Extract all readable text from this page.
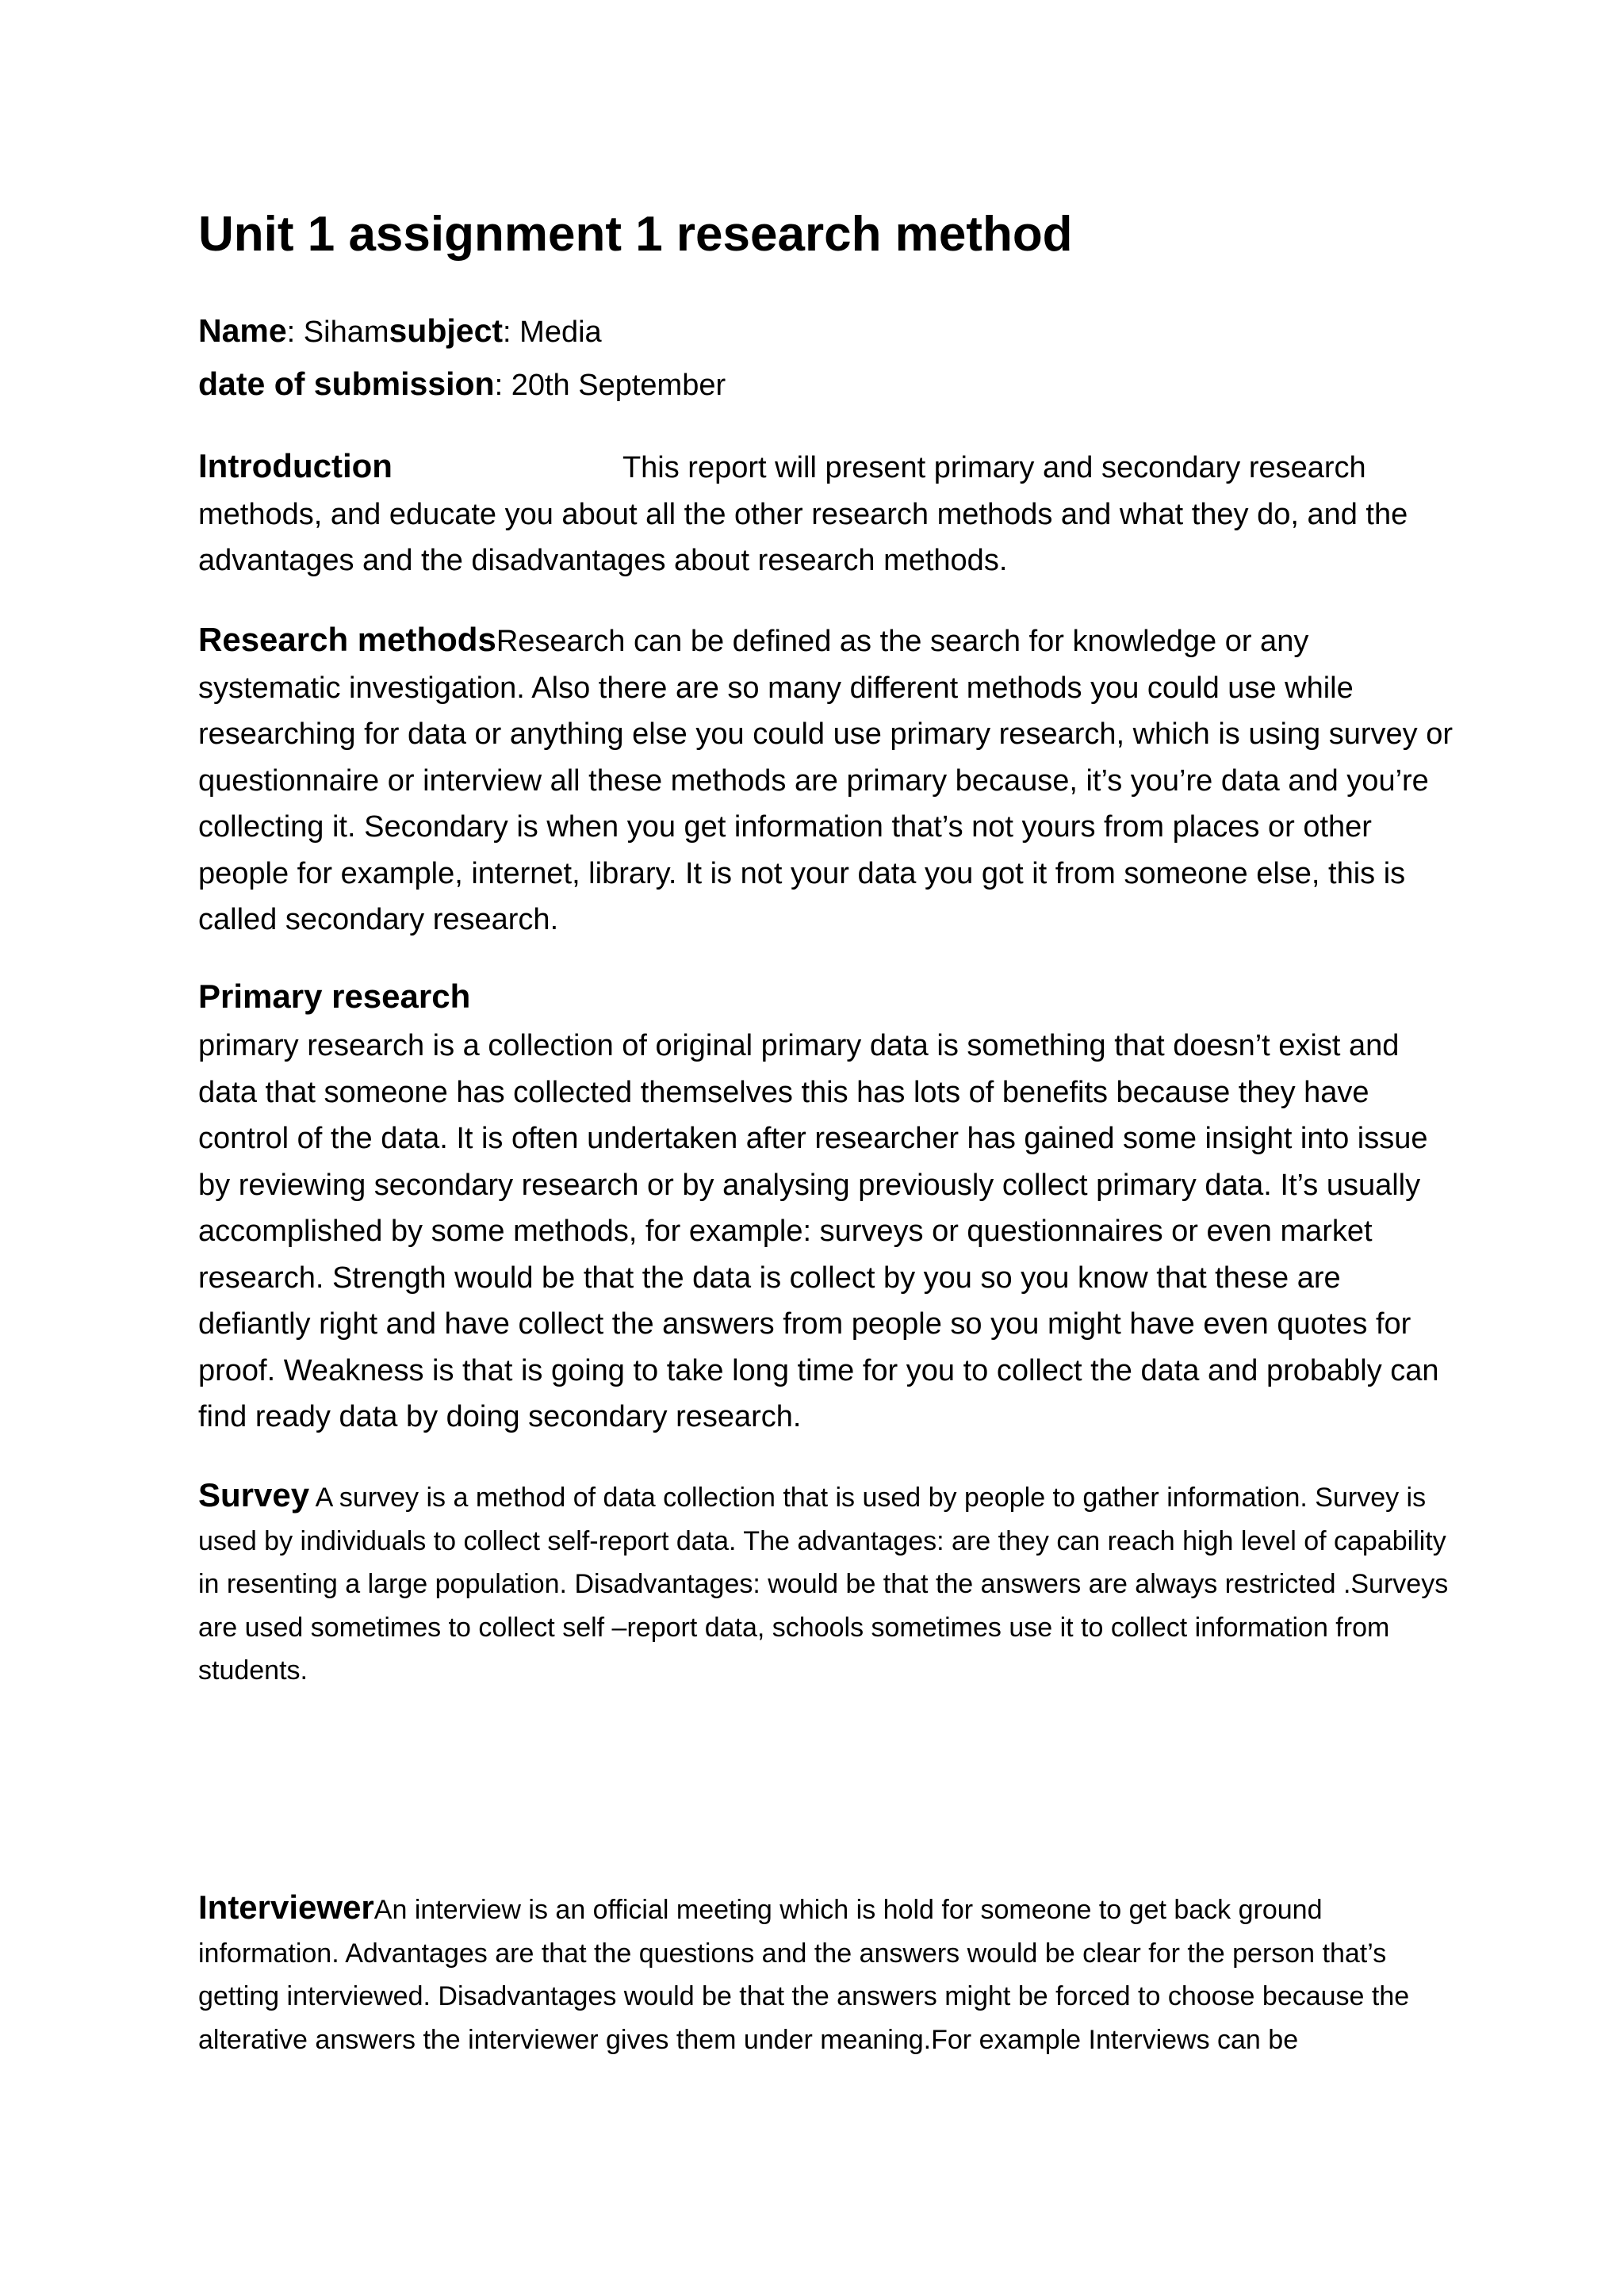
Unit 1 assignment 1 research method
Name: Sihamsubject: Media
date of submission: 20th September

Introduction	This report will present primary and secondary research methods, and educate you about all the other research methods and what they do, and the advantages and the disadvantages about research methods.

Research methodsResearch can be defined as the search for knowledge or any systematic investigation. Also there are so many different methods you could use while researching for data or anything else you could use primary research, which is using survey or questionnaire or interview all these methods are primary because, it’s you’re data and you’re collecting it. Secondary is when you get information that’s not yours from places or other people for example, internet, library. It is not your data you got it from someone else, this is called secondary research.

Primary research

primary research is a collection of original primary data is something that doesn’t exist and data that someone has collected themselves this has lots of benefits because they have control of the data. It is often undertaken after researcher has gained some insight into issue by reviewing secondary research or by analysing previously collect primary data. It’s usually accomplished by some methods, for example: surveys or questionnaires or even market research. Strength would be that the data is collect by you so you know that these are defiantly right and have collect the answers from people so you might have even quotes for proof. Weakness is that is going to take long time for you to collect the data and probably can find ready data by doing secondary research.

Survey A survey is a method of data collection that is used by people to gather information. Survey is used by individuals to collect self-report data. The advantages: are they can reach high level of capability in resenting a large population. Disadvantages: would be that the answers are always restricted .Surveys are used sometimes to collect self –report data, schools sometimes use it to collect information from students.

InterviewerAn interview is an official meeting which is hold for someone to get back ground information. Advantages are that the questions and the answers would be clear for the person that’s getting interviewed. Disadvantages would be that the answers might be forced to choose because the alterative answers the interviewer gives them under meaning.For example Interviews can be
